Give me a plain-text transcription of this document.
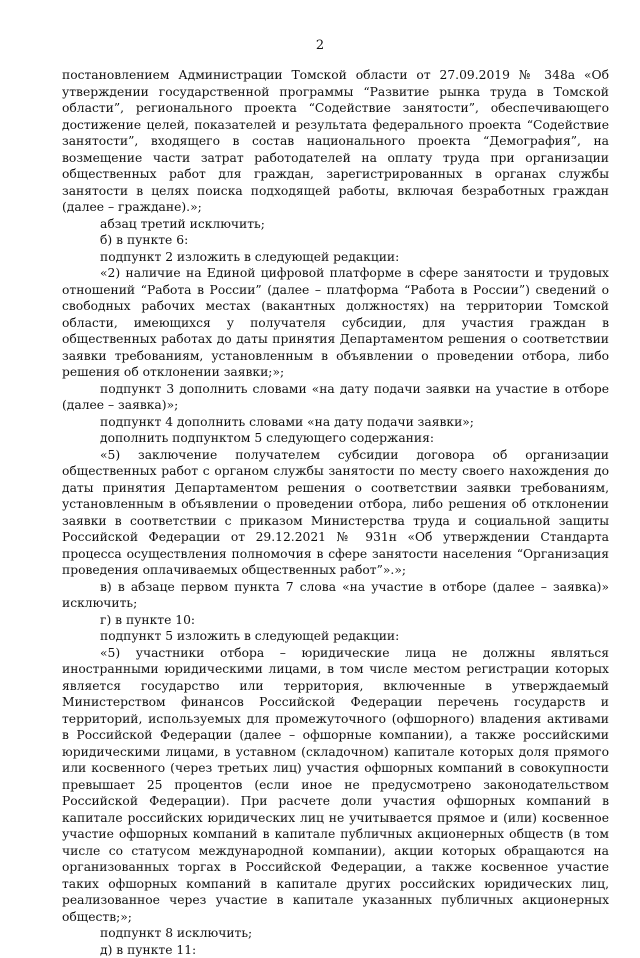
2

постановлением Администрации Томской области от 27.09.2019 № 348а «Об утверждении государственной программы “Развитие рынка труда в Томской области”, регионального проекта “Содействие занятости”, обеспечивающего достижение целей, показателей и результата федерального проекта “Содействие занятости”, входящего в состав национального проекта “Демография”, на возмещение части затрат работодателей на оплату труда при организации общественных работ для граждан, зарегистрированных в органах службы занятости в целях поиска подходящей работы, включая безработных граждан (далее – граждане).»;

абзац третий исключить;

б) в пункте 6:

подпункт 2 изложить в следующей редакции:

«2) наличие на Единой цифровой платформе в сфере занятости и трудовых отношений “Работа в России” (далее – платформа “Работа в России”) сведений о свободных рабочих местах (вакантных должностях) на территории Томской области, имеющихся у получателя субсидии, для участия граждан в общественных работах до даты принятия Департаментом решения о соответствии заявки требованиям, установленным в объявлении о проведении отбора, либо решения об отклонении заявки;»;

подпункт 3 дополнить словами «на дату подачи заявки на участие в отборе (далее – заявка)»;

подпункт 4 дополнить словами «на дату подачи заявки»;

дополнить подпунктом 5 следующего содержания:

«5) заключение получателем субсидии договора об организации общественных работ с органом службы занятости по месту своего нахождения до даты принятия Департаментом решения о соответствии заявки требованиям, установленным в объявлении о проведении отбора, либо решения об отклонении заявки в соответствии с приказом Министерства труда и социальной защиты Российской Федерации от 29.12.2021 № 931н «Об утверждении Стандарта процесса осуществления полномочия в сфере занятости населения “Организация проведения оплачиваемых общественных работ”».»;

в) в абзаце первом пункта 7 слова «на участие в отборе (далее – заявка)» исключить;

г) в пункте 10:

подпункт 5 изложить в следующей редакции:

«5) участники отбора – юридические лица не должны являться иностранными юридическими лицами, в том числе местом регистрации которых является государство или территория, включенные в утверждаемый Министерством финансов Российской Федерации перечень государств и территорий, используемых для промежуточного (офшорного) владения активами в Российской Федерации (далее – офшорные компании), а также российскими юридическими лицами, в уставном (складочном) капитале которых доля прямого или косвенного (через третьих лиц) участия офшорных компаний в совокупности превышает 25 процентов (если иное не предусмотрено законодательством Российской Федерации). При расчете доли участия офшорных компаний в капитале российских юридических лиц не учитывается прямое и (или) косвенное участие офшорных компаний в капитале публичных акционерных обществ (в том числе со статусом международной компании), акции которых обращаются на организованных торгах в Российской Федерации, а также косвенное участие таких офшорных компаний в капитале других российских юридических лиц, реализованное через участие в капитале указанных публичных акционерных обществ;»;

подпункт 8 исключить;

д) в пункте 11:
